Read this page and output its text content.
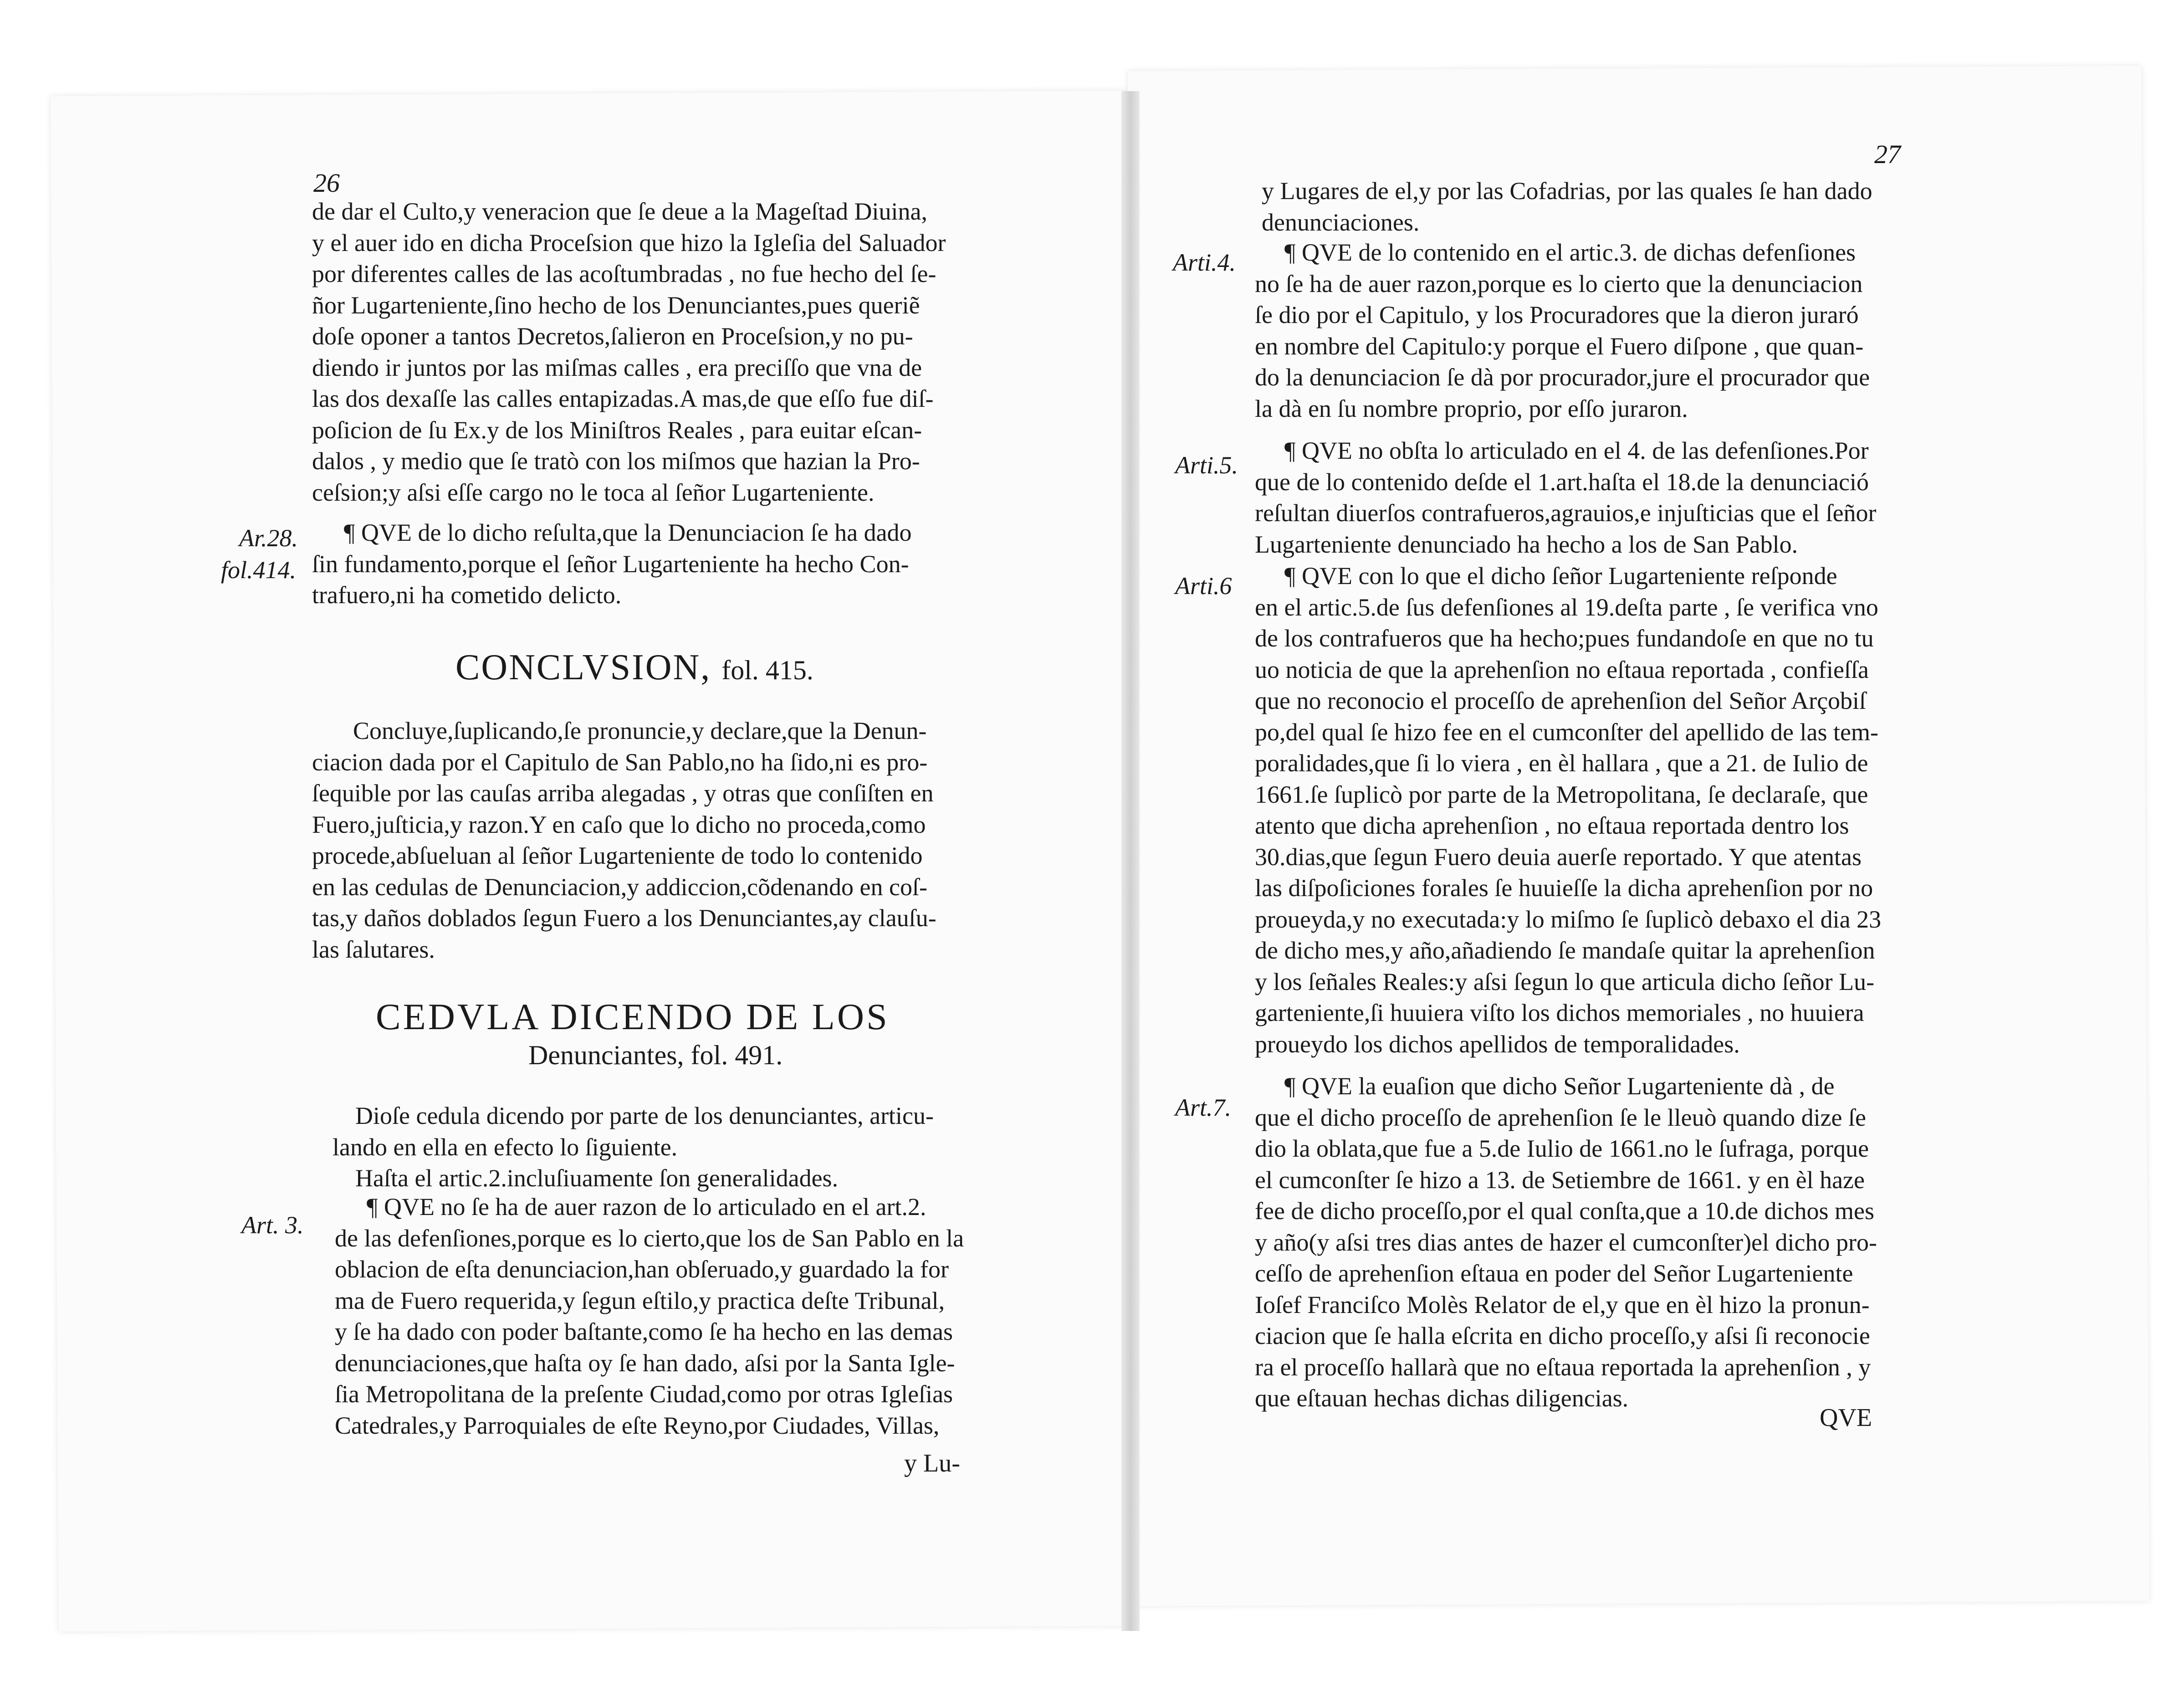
26
de dar el Culto,y veneracion que ſe deue a la Mageſtad Diuina,
y el auer ido en dicha Proceſsion que hizo la Igleſia del Saluador
por diferentes calles de las acoſtumbradas , no fue hecho del ſe-
ñor Lugarteniente,ſino hecho de los Denunciantes,pues queriẽ
doſe oponer a tantos Decretos,ſalieron en Proceſsion,y no pu-
diendo ir juntos por las miſmas calles , era preciſſo que vna de
las dos dexaſſe las calles entapizadas.A mas,de que eſſo fue diſ-
poſicion de ſu Ex.y de los Miniſtros Reales , para euitar eſcan-
dalos , y medio que ſe tratò con los miſmos que hazian la Pro-
ceſsion;y aſsi eſſe cargo no le toca al ſeñor Lugarteniente.
Ar.28.
fol.414.
¶ QVE de lo dicho reſulta,que la Denunciacion ſe ha dado
ſin fundamento,porque el ſeñor Lugarteniente ha hecho Con-
trafuero,ni ha cometido delicto.
CONCLVSION, fol. 415.
Concluye,ſuplicando,ſe pronuncie,y declare,que la Denun-
ciacion dada por el Capitulo de San Pablo,no ha ſido,ni es pro-
ſequible por las cauſas arriba alegadas , y otras que conſiſten en
Fuero,juſticia,y razon.Y en caſo que lo dicho no proceda,como
procede,abſueluan al ſeñor Lugarteniente de todo lo contenido
en las cedulas de Denunciacion,y addiccion,cõdenando en coſ-
tas,y daños doblados ſegun Fuero a los Denunciantes,ay clauſu-
las ſalutares.
CEDVLA DICENDO DE LOS
Denunciantes, fol. 491.
Dioſe cedula dicendo por parte de los denunciantes, articu-
lando en ella en efecto lo ſiguiente.
Haſta el artic.2.incluſiuamente ſon generalidades.
Art. 3.
¶ QVE no ſe ha de auer razon de lo articulado en el art.2.
de las defenſiones,porque es lo cierto,que los de San Pablo en la
oblacion de eſta denunciacion,han obſeruado,y guardado la for
ma de Fuero requerida,y ſegun eſtilo,y practica deſte Tribunal,
y ſe ha dado con poder baſtante,como ſe ha hecho en las demas
denunciaciones,que haſta oy ſe han dado, aſsi por la Santa Igle-
ſia Metropolitana de la preſente Ciudad,como por otras Igleſias
Catedrales,y Parroquiales de eſte Reyno,por Ciudades, Villas,
y Lu-
27
y Lugares de el,y por las Cofadrias, por las quales ſe han dado
denunciaciones.
Arti.4.	¶ QVE de lo contenido en el artic.3. de dichas defenſiones
no ſe ha de auer razon,porque es lo cierto que la denunciacion
ſe dio por el Capitulo, y los Procuradores que la dieron juraró
en nombre del Capitulo:y porque el Fuero diſpone , que quan-
do la denunciacion ſe dà por procurador,jure el procurador que
la dà en ſu nombre proprio, por eſſo juraron.
Arti.5.
¶ QVE no obſta lo articulado en el 4. de las defenſiones.Por
que de lo contenido deſde el 1.art.haſta el 18.de la denunciació
reſultan diuerſos contrafueros,agrauios,e injuſticias que el ſeñor
Lugarteniente denunciado ha hecho a los de San Pablo.
Arti.6	¶ QVE con lo que el dicho ſeñor Lugarteniente reſponde
en el artic.5.de ſus defenſiones al 19.deſta parte , ſe verifica vno
de los contrafueros que ha hecho;pues fundandoſe en que no tu
uo noticia de que la aprehenſion no eſtaua reportada , confieſſa
que no reconocio el proceſſo de aprehenſion del Señor Arçobiſ
po,del qual ſe hizo fee en el cumconſter del apellido de las tem-
poralidades,que ſi lo viera , en èl hallara , que a 21. de Iulio de
1661.ſe ſuplicò por parte de la Metropolitana, ſe declaraſe, que
atento que dicha aprehenſion , no eſtaua reportada dentro los
30.dias,que ſegun Fuero deuia auerſe reportado. Y que atentas
las diſpoſiciones forales ſe huuieſſe la dicha aprehenſion por no
proueyda,y no executada:y lo miſmo ſe ſuplicò debaxo el dia 23
de dicho mes,y año,añadiendo ſe mandaſe quitar la aprehenſion
y los ſeñales Reales:y aſsi ſegun lo que articula dicho ſeñor Lu-
garteniente,ſi huuiera viſto los dichos memoriales , no huuiera
proueydo los dichos apellidos de temporalidades.
Art.7.
¶ QVE la euaſion que dicho Señor Lugarteniente dà , de
que el dicho proceſſo de aprehenſion ſe le lleuò quando dize ſe
dio la oblata,que fue a 5.de Iulio de 1661.no le ſufraga, porque
el cumconſter ſe hizo a 13. de Setiembre de 1661. y en èl haze
fee de dicho proceſſo,por el qual conſta,que a 10.de dichos mes
y año(y aſsi tres dias antes de hazer el cumconſter)el dicho pro-
ceſſo de aprehenſion eſtaua en poder del Señor Lugarteniente
Ioſef Franciſco Molès Relator de el,y que en èl hizo la pronun-
ciacion que ſe halla eſcrita en dicho proceſſo,y aſsi ſi reconocie
ra el proceſſo hallarà que no eſtaua reportada la aprehenſion , y
que eſtauan hechas dichas diligencias.
QVE
